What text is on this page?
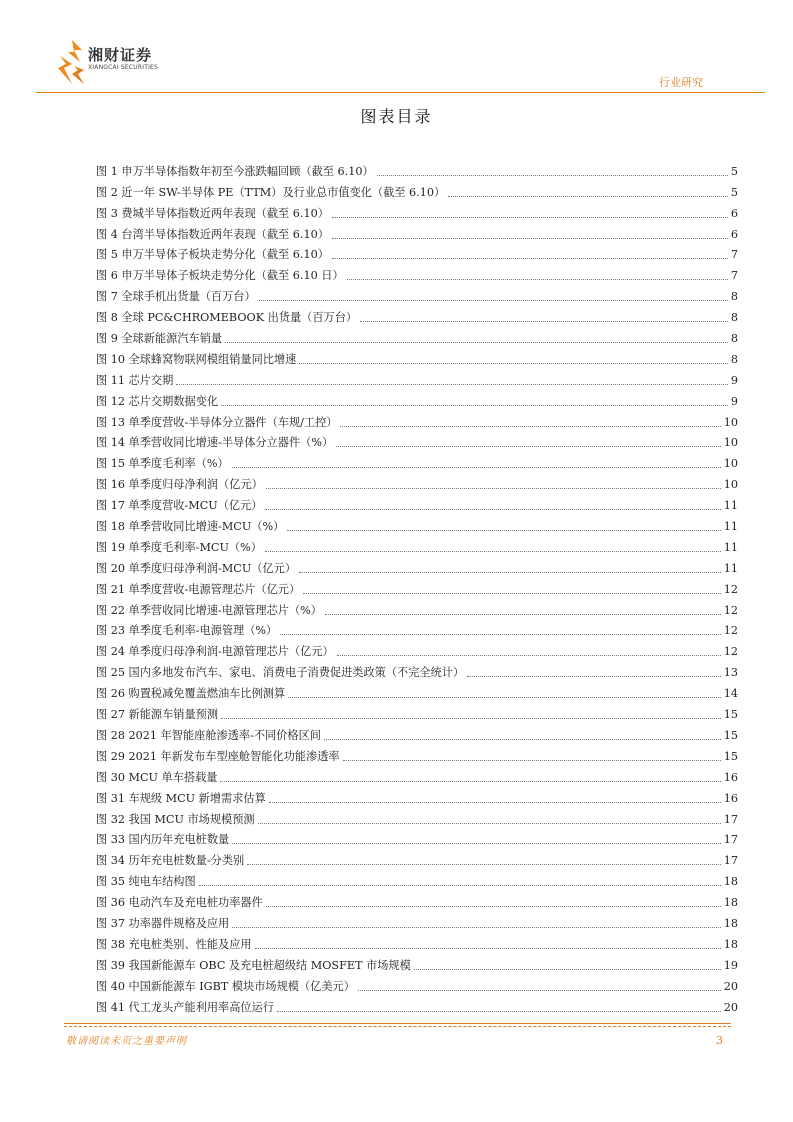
湘财证券
XIANGCAI SECURITIES
行业研究
图表目录
图 1 申万半导体指数年初至今涨跌幅回顾（截至 6.10）	5
图 2 近一年 SW-半导体 PE（TTM）及行业总市值变化（截至 6.10）	5
图 3 费城半导体指数近两年表现（截至 6.10）	6
图 4 台湾半导体指数近两年表现（截至 6.10）	6
图 5 申万半导体子板块走势分化（截至 6.10）	7
图 6 申万半导体子板块走势分化（截至 6.10 日）	7
图 7 全球手机出货量（百万台）	8
图 8 全球 PC&CHROMEBOOK 出货量（百万台）	8
图 9 全球新能源汽车销量	8
图 10 全球蜂窝物联网模组销量同比增速	8
图 11 芯片交期	9
图 12 芯片交期数据变化	9
图 13 单季度营收-半导体分立器件（车规/工控）	10
图 14 单季营收同比增速-半导体分立器件（%）	10
图 15 单季度毛利率（%）	10
图 16 单季度归母净利润（亿元）	10
图 17 单季度营收-MCU（亿元）	11
图 18 单季营收同比增速-MCU（%）	11
图 19 单季度毛利率-MCU（%）	11
图 20 单季度归母净利润-MCU（亿元）	11
图 21 单季度营收-电源管理芯片（亿元）	12
图 22 单季营收同比增速-电源管理芯片（%）	12
图 23 单季度毛利率-电源管理（%）	12
图 24 单季度归母净利润-电源管理芯片（亿元）	12
图 25 国内多地发布汽车、家电、消费电子消费促进类政策（不完全统计）	13
图 26 购置税减免覆盖燃油车比例测算	14
图 27 新能源车销量预测	15
图 28 2021 年智能座舱渗透率-不同价格区间	15
图 29 2021 年新发布车型座舱智能化功能渗透率	15
图 30 MCU 单车搭载量	16
图 31 车规级 MCU 新增需求估算	16
图 32 我国 MCU 市场规模预测	17
图 33 国内历年充电桩数量	17
图 34 历年充电桩数量-分类别	17
图 35 纯电车结构图	18
图 36 电动汽车及充电桩功率器件	18
图 37 功率器件规格及应用	18
图 38 充电桩类别、性能及应用	18
图 39 我国新能源车 OBC 及充电桩超级结 MOSFET 市场规模	19
图 40 中国新能源车 IGBT 模块市场规模（亿美元）	20
图 41 代工龙头产能利用率高位运行	20
敬请阅读末页之重要声明	3
